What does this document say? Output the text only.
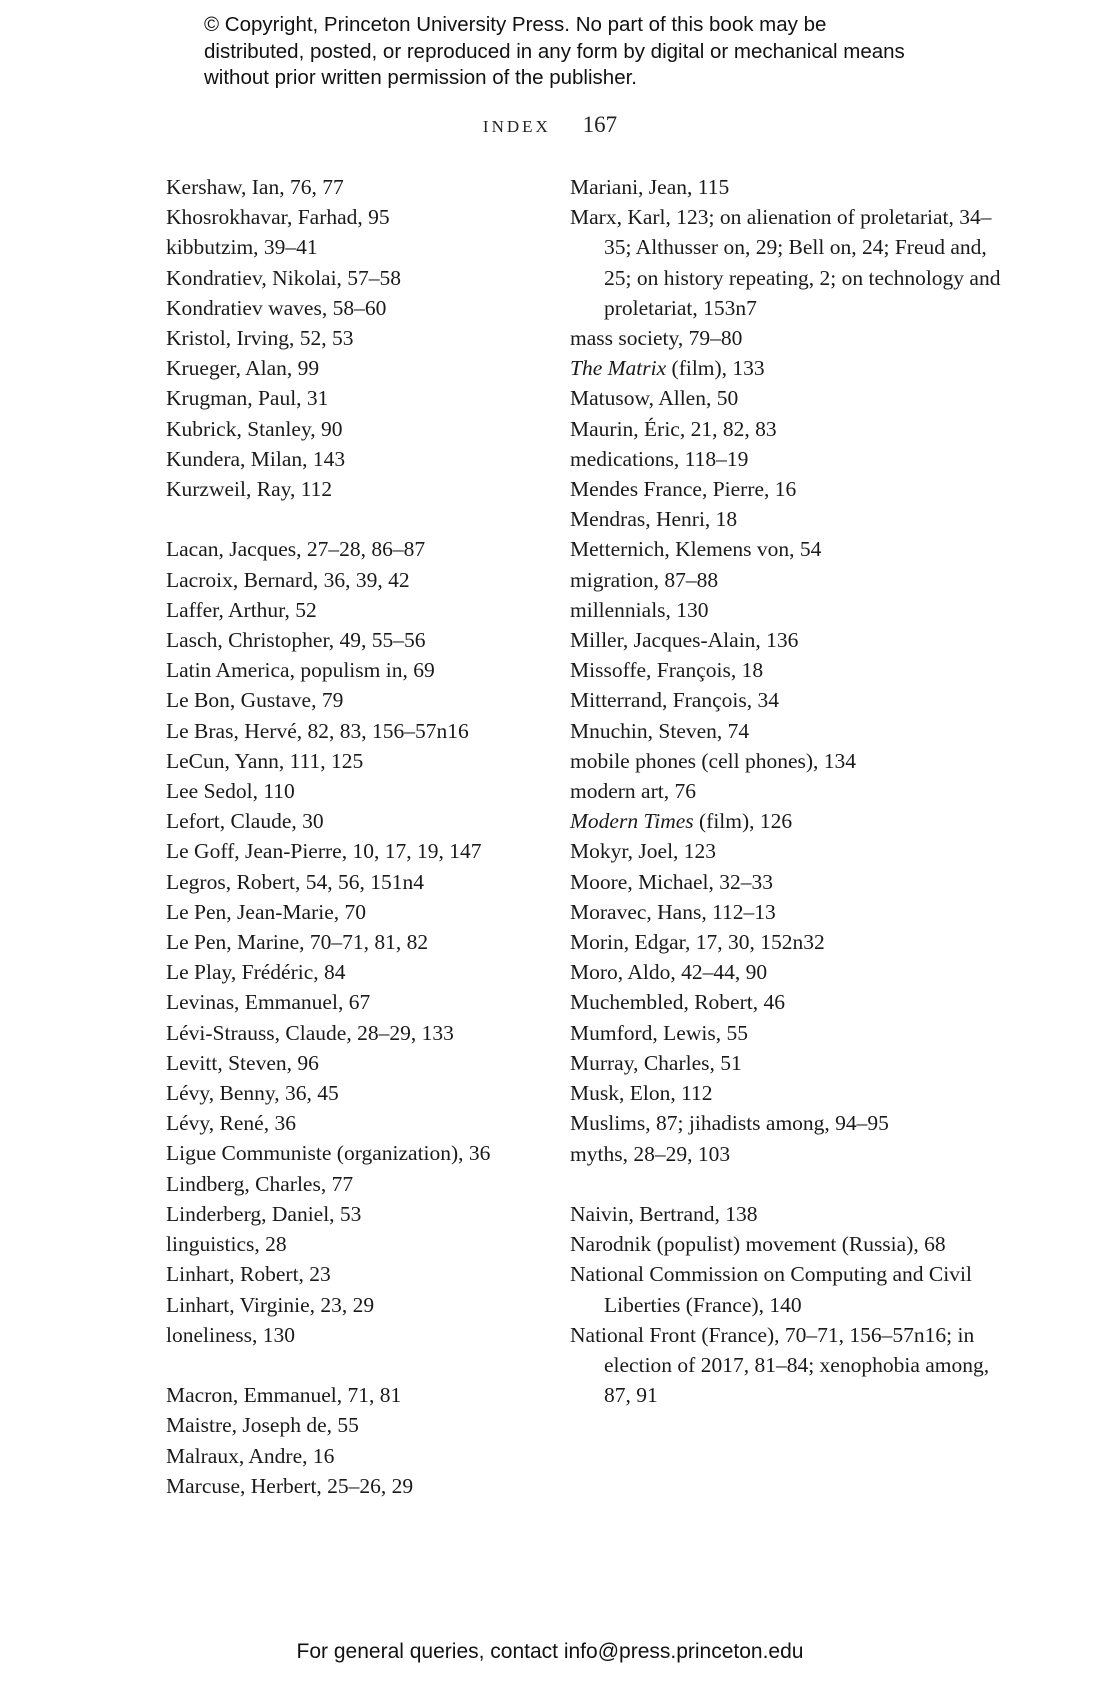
© Copyright, Princeton University Press. No part of this book may be distributed, posted, or reproduced in any form by digital or mechanical means without prior written permission of the publisher.
INDEX 167
Kershaw, Ian, 76, 77
Khosrokhavar, Farhad, 95
kibbutzim, 39–41
Kondratiev, Nikolai, 57–58
Kondratiev waves, 58–60
Kristol, Irving, 52, 53
Krueger, Alan, 99
Krugman, Paul, 31
Kubrick, Stanley, 90
Kundera, Milan, 143
Kurzweil, Ray, 112
Lacan, Jacques, 27–28, 86–87
Lacroix, Bernard, 36, 39, 42
Laffer, Arthur, 52
Lasch, Christopher, 49, 55–56
Latin America, populism in, 69
Le Bon, Gustave, 79
Le Bras, Hervé, 82, 83, 156–57n16
LeCun, Yann, 111, 125
Lee Sedol, 110
Lefort, Claude, 30
Le Goff, Jean-Pierre, 10, 17, 19, 147
Legros, Robert, 54, 56, 151n4
Le Pen, Jean-Marie, 70
Le Pen, Marine, 70–71, 81, 82
Le Play, Frédéric, 84
Levinas, Emmanuel, 67
Lévi-Strauss, Claude, 28–29, 133
Levitt, Steven, 96
Lévy, Benny, 36, 45
Lévy, René, 36
Ligue Communiste (organization), 36
Lindberg, Charles, 77
Linderberg, Daniel, 53
linguistics, 28
Linhart, Robert, 23
Linhart, Virginie, 23, 29
loneliness, 130
Macron, Emmanuel, 71, 81
Maistre, Joseph de, 55
Malraux, Andre, 16
Marcuse, Herbert, 25–26, 29
Mariani, Jean, 115
Marx, Karl, 123; on alienation of proletariat, 34–35; Althusser on, 29; Bell on, 24; Freud and, 25; on history repeating, 2; on technology and proletariat, 153n7
mass society, 79–80
The Matrix (film), 133
Matusow, Allen, 50
Maurin, Éric, 21, 82, 83
medications, 118–19
Mendes France, Pierre, 16
Mendras, Henri, 18
Metternich, Klemens von, 54
migration, 87–88
millennials, 130
Miller, Jacques-Alain, 136
Missoffe, François, 18
Mitterrand, François, 34
Mnuchin, Steven, 74
mobile phones (cell phones), 134
modern art, 76
Modern Times (film), 126
Mokyr, Joel, 123
Moore, Michael, 32–33
Moravec, Hans, 112–13
Morin, Edgar, 17, 30, 152n32
Moro, Aldo, 42–44, 90
Muchembled, Robert, 46
Mumford, Lewis, 55
Murray, Charles, 51
Musk, Elon, 112
Muslims, 87; jihadists among, 94–95
myths, 28–29, 103
Naivin, Bertrand, 138
Narodnik (populist) movement (Russia), 68
National Commission on Computing and Civil Liberties (France), 140
National Front (France), 70–71, 156–57n16; in election of 2017, 81–84; xenophobia among, 87, 91
For general queries, contact info@press.princeton.edu
